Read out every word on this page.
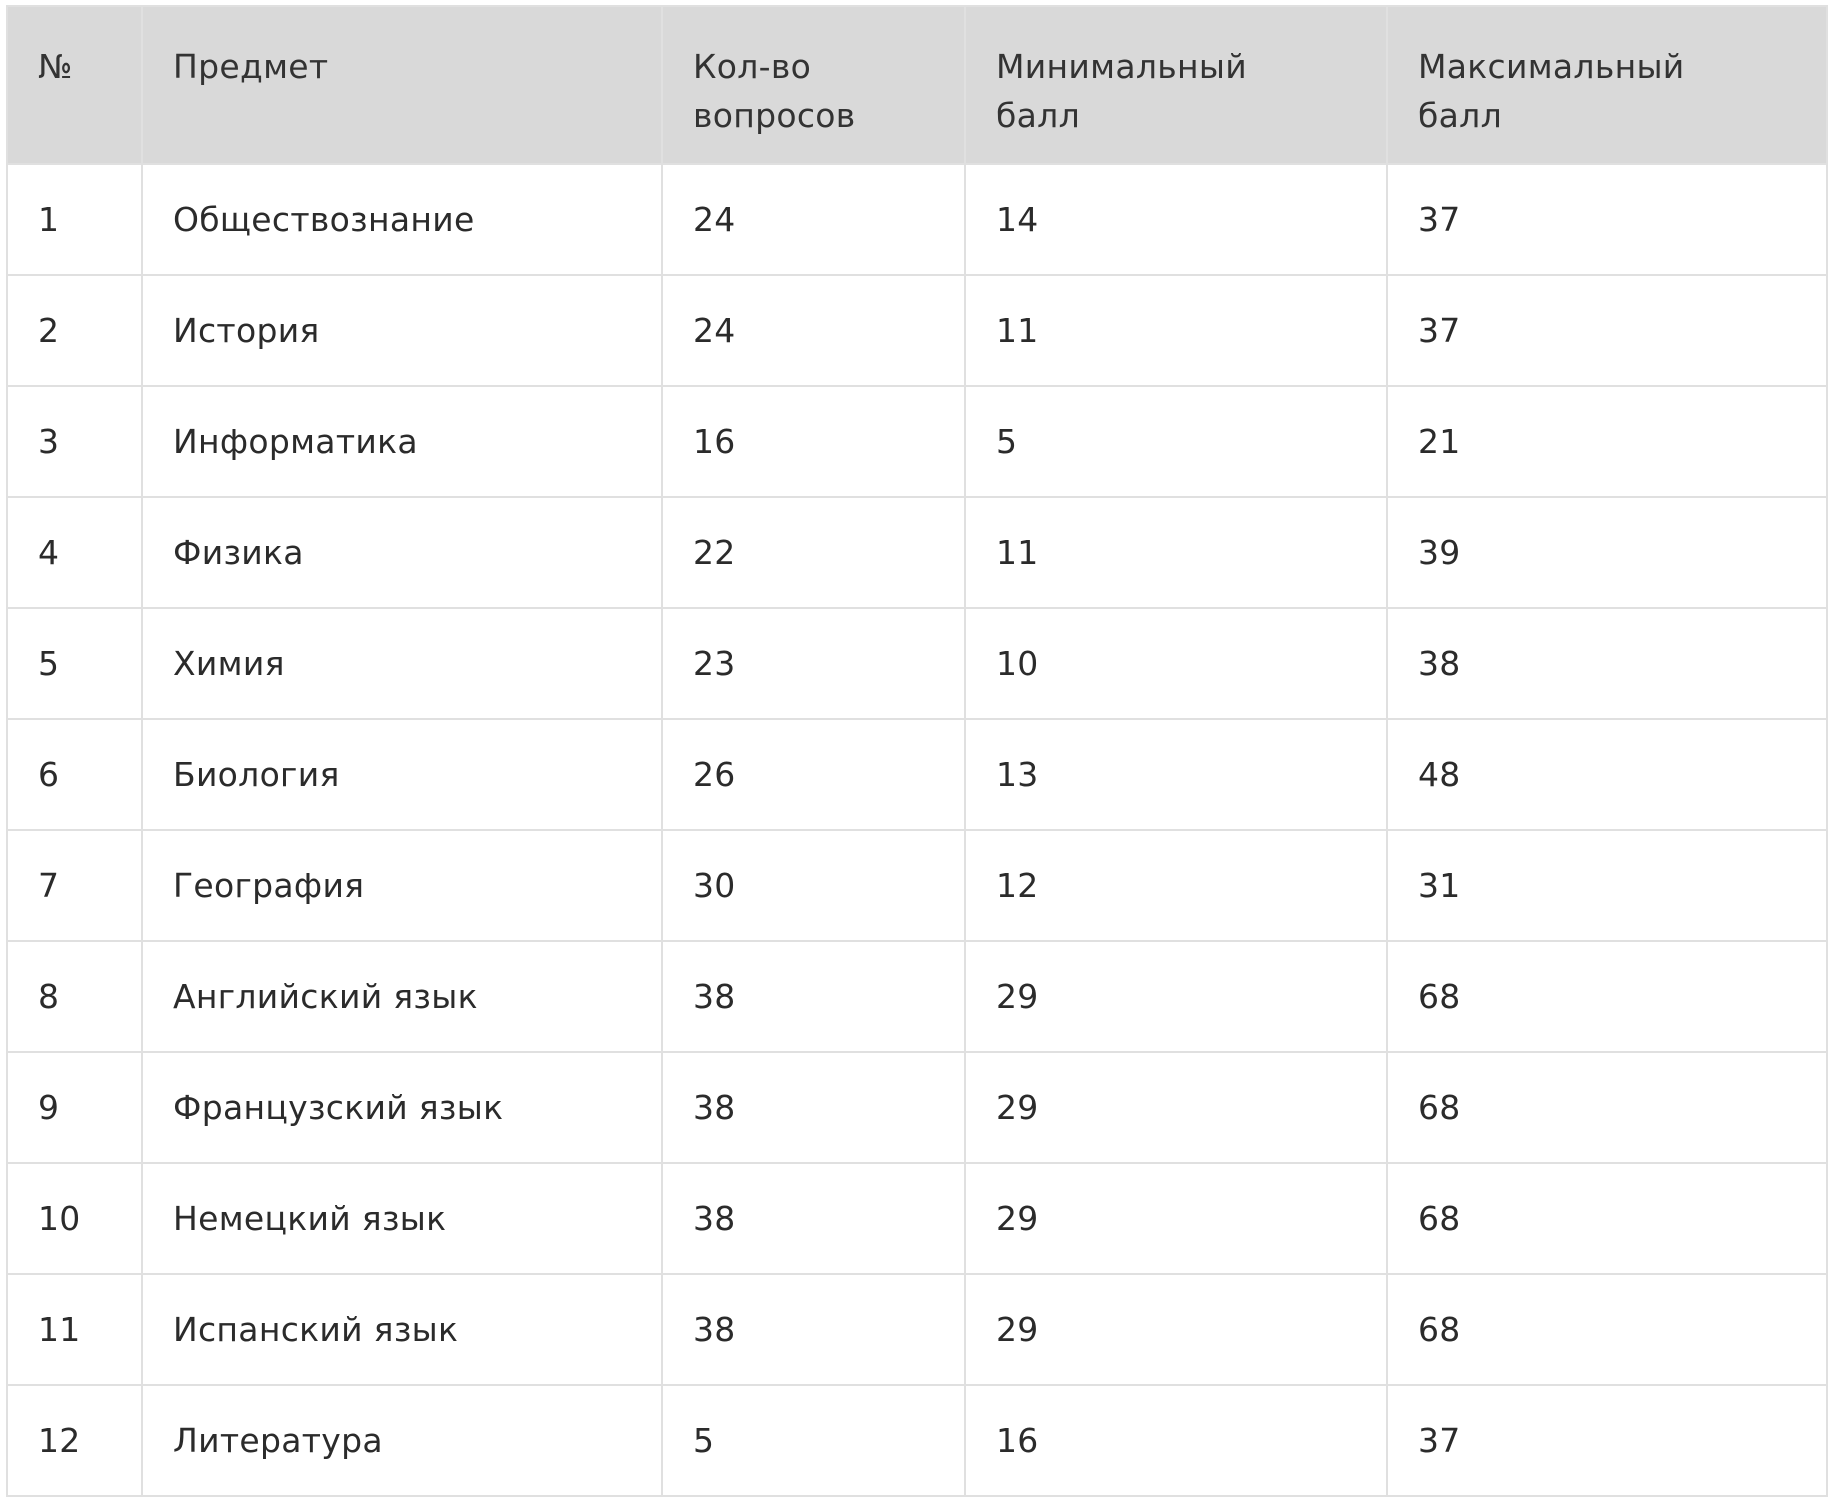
№	Предмет	Кол-во вопросов	Минимальный балл	Максимальный балл
1	Обществознание	24	14	37
2	История	24	11	37
3	Информатика	16	5	21
4	Физика	22	11	39
5	Химия	23	10	38
6	Биология	26	13	48
7	География	30	12	31
8	Английский язык	38	29	68
9	Французский язык	38	29	68
10	Немецкий язык	38	29	68
11	Испанский язык	38	29	68
12	Литература	5	16	37
